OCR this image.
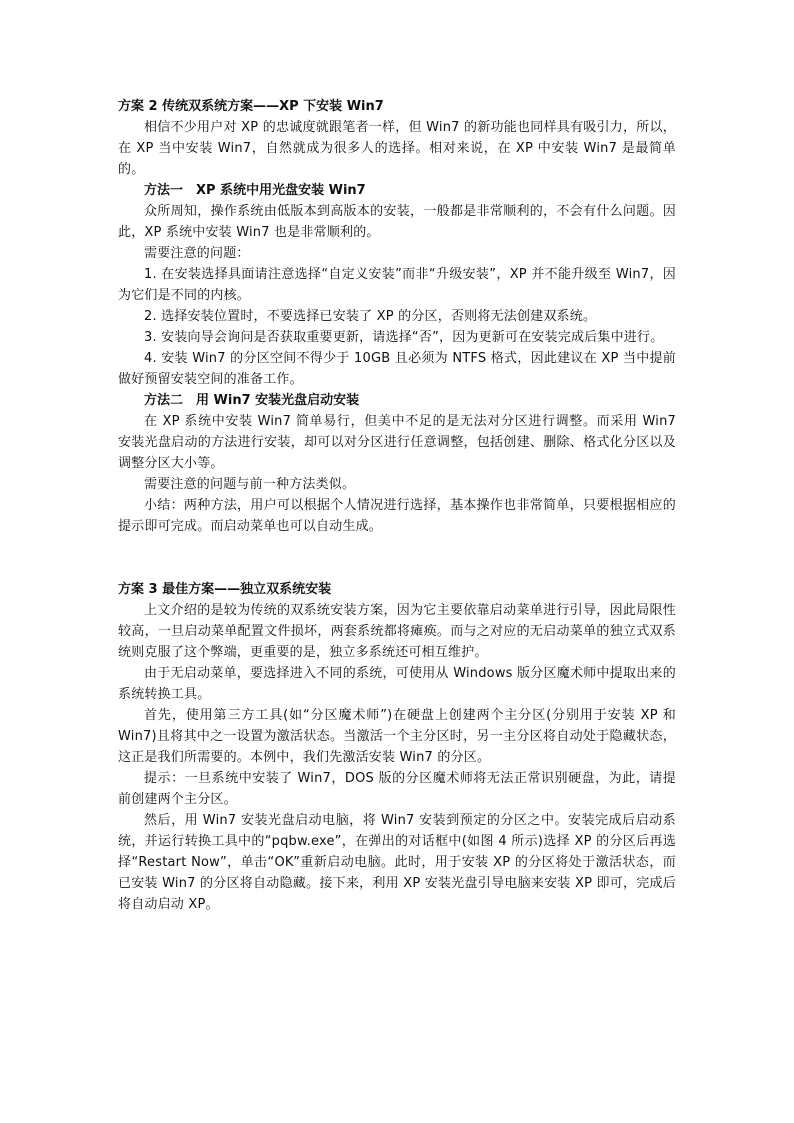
方案 2 传统双系统方案——XP 下安装 Win7

相信不少用户对 XP 的忠诚度就跟笔者一样，但 Win7 的新功能也同样具有吸引力，所以，在 XP 当中安装 Win7，自然就成为很多人的选择。相对来说，在 XP 中安装 Win7 是最简单的。

方法一　XP 系统中用光盘安装 Win7

众所周知，操作系统由低版本到高版本的安装，一般都是非常顺利的，不会有什么问题。因此，XP 系统中安装 Win7 也是非常顺利的。

需要注意的问题：

1. 在安装选择具面请注意选择“自定义安装”而非“升级安装”，XP 并不能升级至 Win7，因为它们是不同的内核。

2. 选择安装位置时，不要选择已安装了 XP 的分区，否则将无法创建双系统。

3. 安装向导会询问是否获取重要更新，请选择“否”，因为更新可在安装完成后集中进行。

4. 安装 Win7 的分区空间不得少于 10GB 且必须为 NTFS 格式，因此建议在 XP 当中提前做好预留安装空间的准备工作。

方法二　用 Win7 安装光盘启动安装

在 XP 系统中安装 Win7 简单易行，但美中不足的是无法对分区进行调整。而采用 Win7 安装光盘启动的方法进行安装，却可以对分区进行任意调整，包括创建、删除、格式化分区以及调整分区大小等。

需要注意的问题与前一种方法类似。

小结：两种方法，用户可以根据个人情况进行选择，基本操作也非常简单，只要根据相应的提示即可完成。而启动菜单也可以自动生成。

方案 3 最佳方案——独立双系统安装

上文介绍的是较为传统的双系统安装方案，因为它主要依靠启动菜单进行引导，因此局限性较高，一旦启动菜单配置文件损坏，两套系统都将瘫痪。而与之对应的无启动菜单的独立式双系统则克服了这个弊端，更重要的是，独立多系统还可相互维护。

由于无启动菜单，要选择进入不同的系统，可使用从 Windows 版分区魔术师中提取出来的系统转换工具。

首先，使用第三方工具(如“分区魔术师”)在硬盘上创建两个主分区(分别用于安装 XP 和 Win7)且将其中之一设置为激活状态。当激活一个主分区时，另一主分区将自动处于隐藏状态，这正是我们所需要的。本例中，我们先激活安装 Win7 的分区。

提示：一旦系统中安装了 Win7，DOS 版的分区魔术师将无法正常识别硬盘，为此，请提前创建两个主分区。

然后，用 Win7 安装光盘启动电脑，将 Win7 安装到预定的分区之中。安装完成后启动系统，并运行转换工具中的“pqbw.exe”，在弹出的对话框中(如图 4 所示)选择 XP 的分区后再选择“Restart Now”，单击“OK”重新启动电脑。此时，用于安装 XP 的分区将处于激活状态，而已安装 Win7 的分区将自动隐藏。接下来，利用 XP 安装光盘引导电脑来安装 XP 即可，完成后将自动启动 XP。
